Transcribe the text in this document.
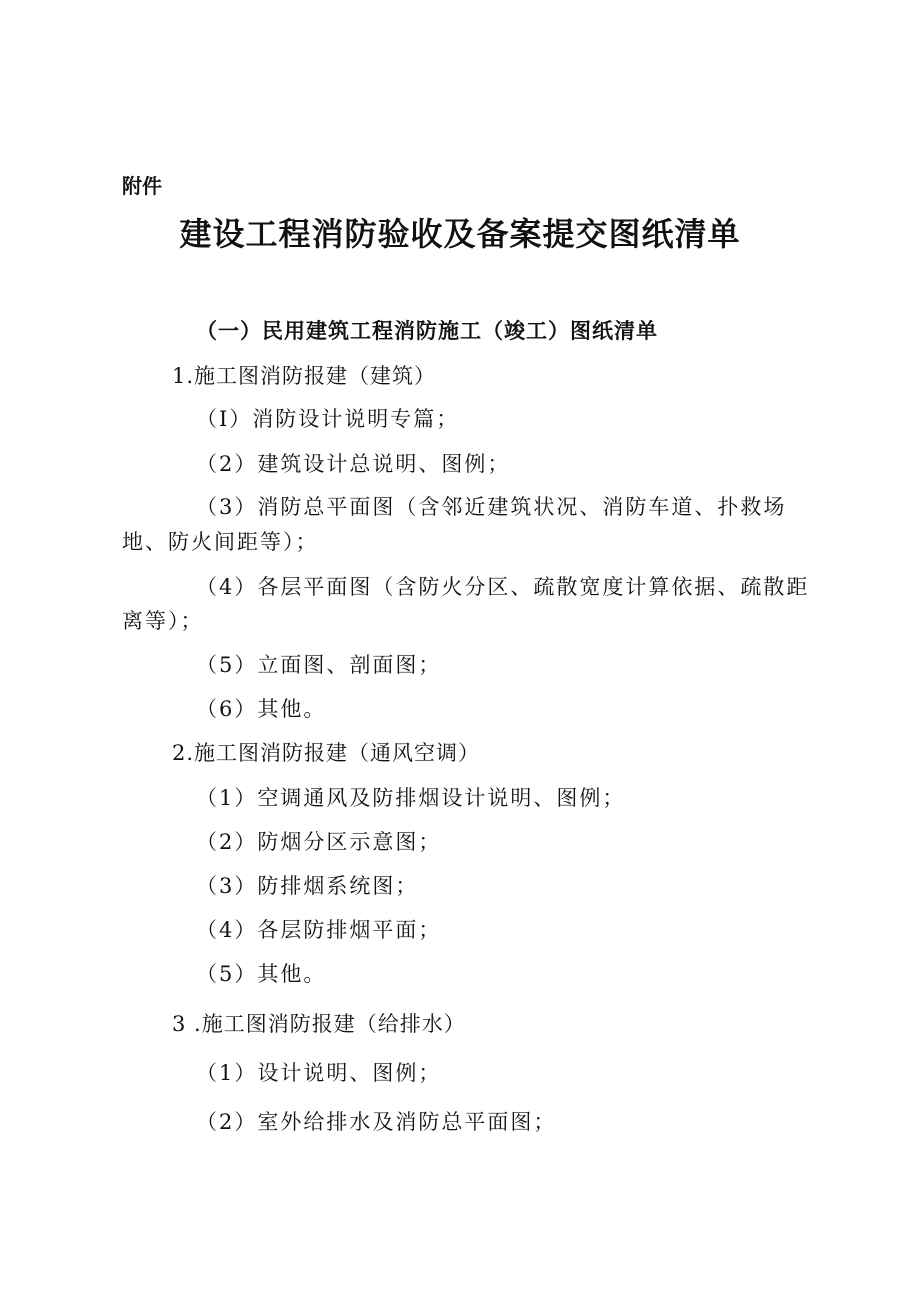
附件
建设工程消防验收及备案提交图纸清单
（一）民用建筑工程消防施工（竣工）图纸清单
1.施工图消防报建（建筑）
（I）消防设计说明专篇；
（2）建筑设计总说明、图例；
（3）消防总平面图（含邻近建筑状况、消防车道、扑救场
地、防火间距等）；
（4）各层平面图（含防火分区、疏散宽度计算依据、疏散距
离等）；
（5）立面图、剖面图；
（6）其他。
2.施工图消防报建（通风空调）
（1）空调通风及防排烟设计说明、图例；
（2）防烟分区示意图；
（3）防排烟系统图；
（4）各层防排烟平面；
（5）其他。
3 .施工图消防报建（给排水）
（1）设计说明、图例；
（2）室外给排水及消防总平面图；
